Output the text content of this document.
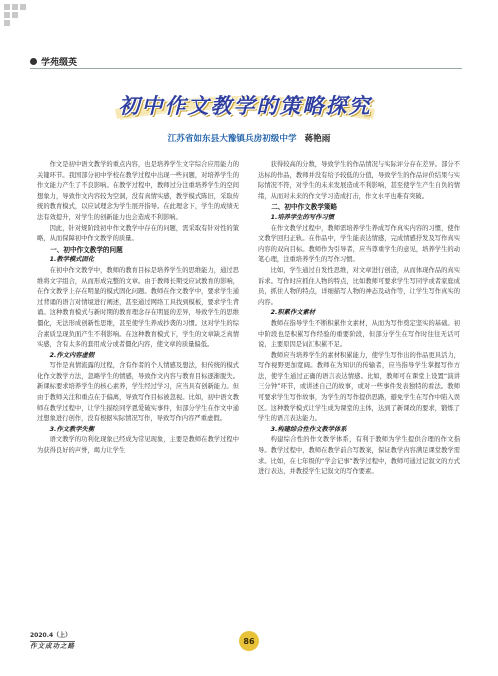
学苑缀英
初中作文教学的策略探究
江苏省如东县大豫镇兵房初级中学 蒋艳雨

作文是初中语文教学的重点内容，也是培养学生文字综合应用能力的关键环节。我国部分初中学校在教学过程中出现一些问题，对培养学生的作文能力产生了不良影响。在教学过程中，教师过分注重培养学生的空间想象力，导致作文内容较为空洞，没有真情实感，教学模式陈旧，采取传统的教育模式，以应试理念为学生展开指导。在此理念下，学生的成绩无法有效提升，对学生的创新能力也会造成不利影响。

因此，针对规阶段初中作文教学中存在的问题，需采取有针对性的策略，从而保障初中作文教学的质量。

一、初中作文教学的问题

1.教学模式固化

在初中作文教学中，教师的教育目标是培养学生的思维能力，通过思维将文字组合，从而形成完整的文章。由于教师长期受应试教育的影响，在作文教学上存在明显的模式固化问题。教师在作文教学中，要求学生通过背诵的语言对情境进行阐述，甚至通过网络工具找到模板，要求学生背诵。这种教育模式与新时期的教育理念存在明显的差异，导致学生的思维僵化，无法形成创新性思维，甚至使学生养成抄袭的习惯。这对学生的综合素质呈现负面产生不利影响。在这种教育模式下，学生的文章缺乏真情实感，含有太多的套用成分或者僵化内容，使文章的质量偏低。

2.作文内容虚假

写作是真情流露的过程，含有作者的个人情感及想法，但传统的模式化作文教学方法，忽略学生的情感，导致作文内容与教育目标逐渐脱失。新课标要求培养学生的核心素养，学生经过学习，应当具有创新能力。但由于教师关注和重点在于偏离，导致写作目标被忽视。比如，初中语文教师在教学过程中，让学生描绘同学恩爱破实事件，但部分学生在作文中通过想象进行创作，没有根据实际情况写作，导致写作内容严重虚假。

3.作文教学失衡

语文教学的功利化现象已经成为常见现象，主要是教师在教学过程中为获得良好的声誉，竭力让学生

获得较高的分数，导致学生的作品情况与实际评分存在差异。部分不达标的作品，教师并没有给予较低的分值，导致学生的作品评价结果与实际情况不符，对学生的未来发展造成不利影响，甚至使学生产生自负的情绪，从而对未来的作文学习造成打击，作文水平也难有突破。

二、初中作文教学策略

1.培养学生的写作习惯

在作文教学过程中，教师需培养学生养成写作真实内容的习惯，使作文教学回归正轨。在作品中，学生能表达情感，完成情感抒发及写作真实内容的双向目标。教师作为引导者，应当尊重学生的意见，培养学生的动笔心理，注重培养学生的写作习惯。

比如，学生通过自发性思维，对文章进行创造，从而体现作品的真实诉求。写作时应抓住人物的特点，比如教师可要求学生写同学或者家庭成员，抓住人物的特点，详细描写人物的神态及动作等，让学生写作真实的内容。

2.积累作文素材

教师在指导学生不断积累作文素材，从而为写作奠定坚实的基础。初中阶段也是积累写作经验的重要阶段，但部分学生在写作时往往无话可说，主要原因是词汇积累不足。

教师应当培养学生的素材积累能力，使学生写作出的作品更具活力，写作视野更加宽阔。教师在为知识的传输者，应当指导学生掌握写作方法，使学生通过正确的语言表达情感。比如，教师可在课堂上设置“演讲三分钟”环节，或讲述自己的故事，或对一些事件发表独特的看法。教师可要求学生写作故事，为学生的写作提供思路，避免学生在写作中陷入误区。这种教学模式让学生成为课堂的主体，达到了新课改的要求，锻炼了学生的语言表达能力。

3.构建综合性作文教学体系

构建综合性的作文教学体系，有利于教师为学生提供合理的作文指导。教学过程中，教师在教学前合写教案，保证教学内容满足课堂教学需求。比如，在七年级的“学会记事”教学过程中，教师可通过记叙文的方式进行表达，并教授学生记叙文的写作要素。

2020.4（上）
作文成功之路
86
